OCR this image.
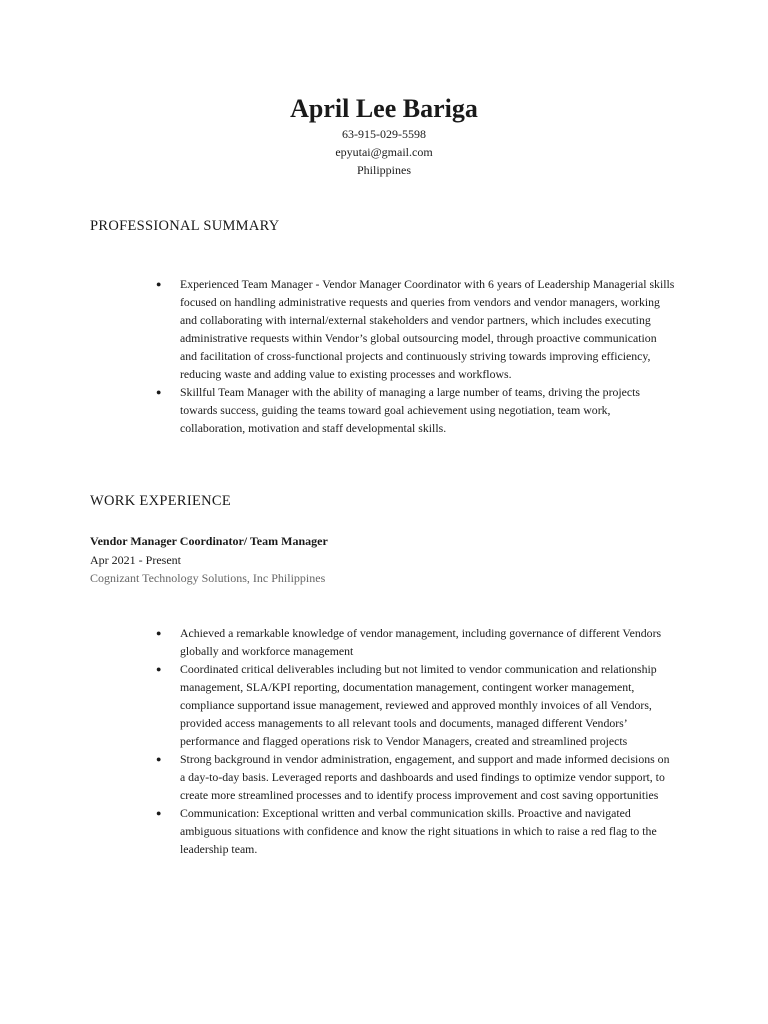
April Lee Bariga

63-915-029-5598

epyutai@gmail.com

Philippines

PROFESSIONAL SUMMARY
● Experienced Team Manager - Vendor Manager Coordinator with 6 years of Leadership Managerial skills focused on handling administrative requests and queries from vendors and vendor managers, working and collaborating with internal/external stakeholders and vendor partners, which includes executing administrative requests within Vendor’s global outsourcing model, through proactive communication and facilitation of cross-functional projects and continuously striving towards improving efficiency, reducing waste and adding value to existing processes and workflows.
● Skillful Team Manager with the ability of managing a large number of teams, driving the projects towards success, guiding the teams toward goal achievement using negotiation, team work, collaboration, motivation and staff developmental skills.
WORK EXPERIENCE

Vendor Manager Coordinator/ Team Manager

Apr 2021 - Present

Cognizant Technology Solutions, Inc Philippines

● Achieved a remarkable knowledge of vendor management, including governance of different Vendors globally and workforce management
● Coordinated critical deliverables including but not limited to vendor communication and relationship management, SLA/KPI reporting, documentation management, contingent worker management, compliance supportand issue management, reviewed and approved monthly invoices of all Vendors, provided access managements to all relevant tools and documents, managed different Vendors’ performance and flagged operations risk to Vendor Managers, created and streamlined projects
● Strong background in vendor administration, engagement, and support and made informed decisions on a day-to-day basis. Leveraged reports and dashboards and used findings to optimize vendor support, to create more streamlined processes and to identify process improvement and cost saving opportunities
● Communication: Exceptional written and verbal communication skills. Proactive and navigated ambiguous situations with confidence and know the right situations in which to raise a red flag to the leadership team.
